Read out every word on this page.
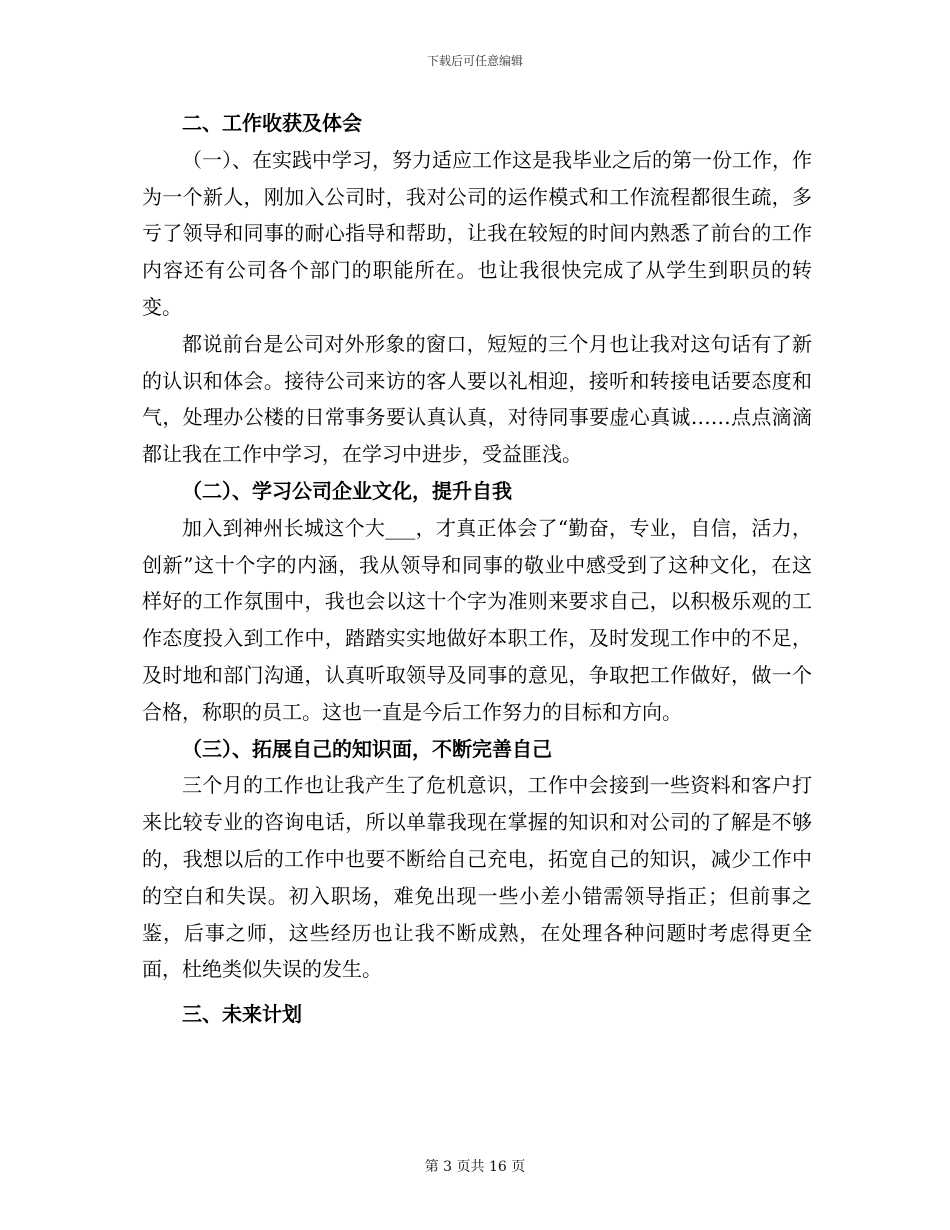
下载后可任意编辑
二、工作收获及体会

（一）、在实践中学习，努力适应工作这是我毕业之后的第一份工作，作为一个新人，刚加入公司时，我对公司的运作模式和工作流程都很生疏，多亏了领导和同事的耐心指导和帮助，让我在较短的时间内熟悉了前台的工作内容还有公司各个部门的职能所在。也让我很快完成了从学生到职员的转变。

都说前台是公司对外形象的窗口，短短的三个月也让我对这句话有了新的认识和体会。接待公司来访的客人要以礼相迎，接听和转接电话要态度和气，处理办公楼的日常事务要认真认真，对待同事要虚心真诚……点点滴滴都让我在工作中学习，在学习中进步，受益匪浅。

（二）、学习公司企业文化，提升自我

加入到神州长城这个大___，才真正体会了“勤奋，专业，自信，活力，创新”这十个字的内涵，我从领导和同事的敬业中感受到了这种文化，在这样好的工作氛围中，我也会以这十个字为准则来要求自己，以积极乐观的工作态度投入到工作中，踏踏实实地做好本职工作，及时发现工作中的不足，及时地和部门沟通，认真听取领导及同事的意见，争取把工作做好，做一个合格，称职的员工。这也一直是今后工作努力的目标和方向。

（三）、拓展自己的知识面，不断完善自己

三个月的工作也让我产生了危机意识，工作中会接到一些资料和客户打来比较专业的咨询电话，所以单靠我现在掌握的知识和对公司的了解是不够的，我想以后的工作中也要不断给自己充电，拓宽自己的知识，减少工作中的空白和失误。初入职场，难免出现一些小差小错需领导指正；但前事之鉴，后事之师，这些经历也让我不断成熟，在处理各种问题时考虑得更全面，杜绝类似失误的发生。

三、未来计划
第 3 页共 16 页
